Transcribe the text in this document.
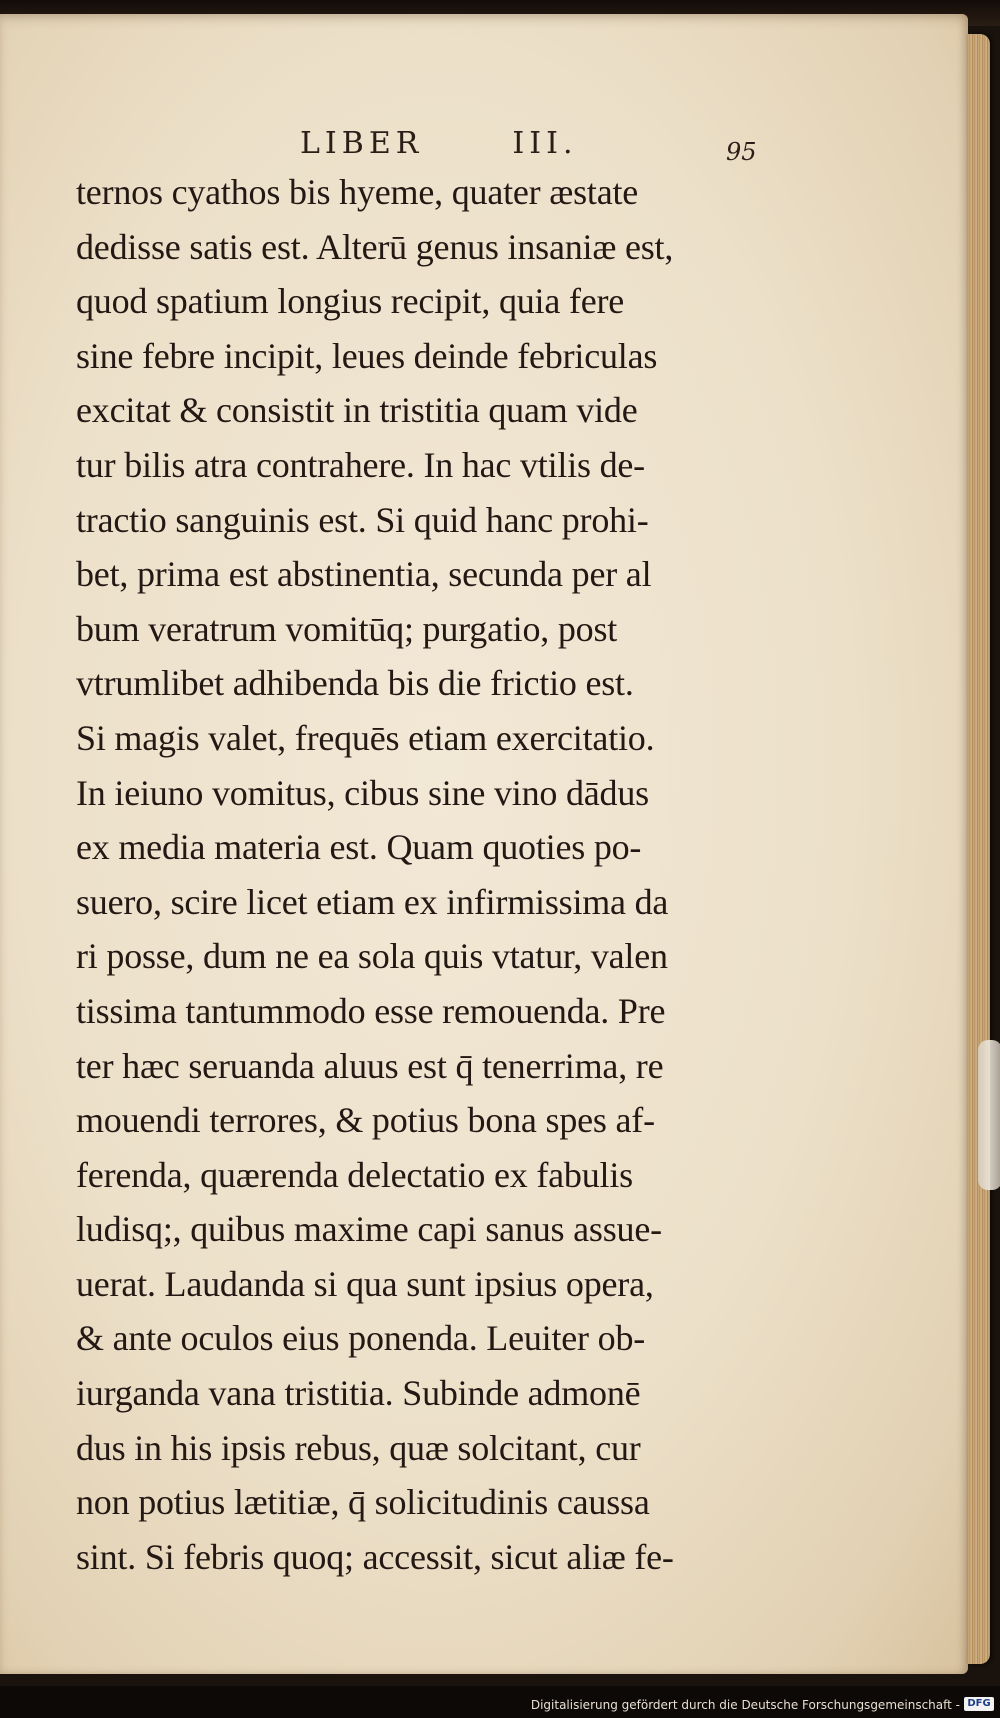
LIBER	III.	95
ternos cyathos bis hyeme, quater æstate
dedisse satis est. Alterū genus insaniæ est,
quod spatium longius recipit, quia fere
sine febre incipit, leues deinde febriculas
excitat & consistit in tristitia quam vide
tur bilis atra contrahere. In hac vtilis de-
tractio sanguinis est. Si quid hanc prohi-
bet, prima est abstinentia, secunda per al
bum veratrum vomitūq; purgatio, post
vtrumlibet adhibenda bis die frictio est.
Si magis valet, frequēs etiam exercitatio.
In ieiuno vomitus, cibus sine vino dādus
ex media materia est. Quam quoties po-
suero, scire licet etiam ex infirmissima da
ri posse, dum ne ea sola quis vtatur, valen
tissima tantummodo esse remouenda. Pre
ter hæc seruanda aluus est q̄ tenerrima, re
mouendi terrores, & potius bona spes af-
ferenda, quærenda delectatio ex fabulis
ludisq;, quibus maxime capi sanus assue-
uerat. Laudanda si qua sunt ipsius opera,
& ante oculos eius ponenda. Leuiter ob-
iurganda vana tristitia. Subinde admonē
dus in his ipsis rebus, quæ solcitant, cur
non potius lætitiæ, q̄ solicitudinis caussa
sint. Si febris quoq; accessit, sicut aliæ fe-
Digitalisierung gefördert durch die Deutsche Forschungsgemeinschaft - DFG
